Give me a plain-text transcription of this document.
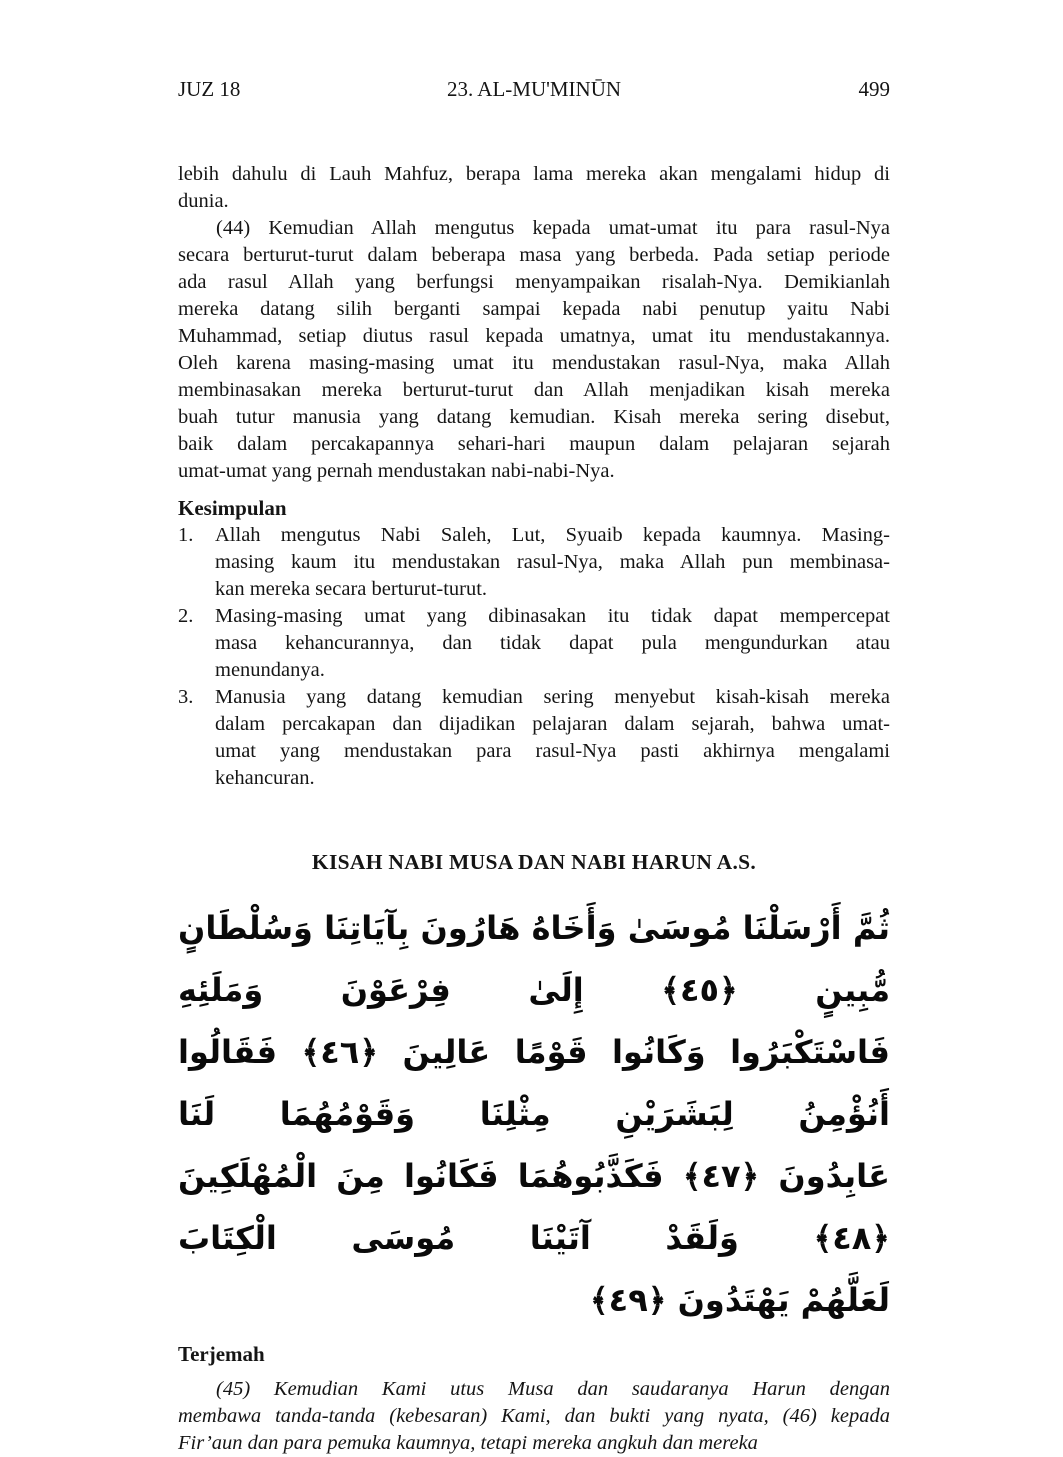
JUZ 18	23. AL-MU'MINŪN	499
lebih dahulu di Lauh Mahfuz, berapa lama mereka akan mengalami hidup di
dunia.
(44) Kemudian Allah mengutus kepada umat-umat itu para rasul-Nya
secara berturut-turut dalam beberapa masa yang berbeda. Pada setiap periode
ada rasul Allah yang berfungsi menyampaikan risalah-Nya. Demikianlah
mereka datang silih berganti sampai kepada nabi penutup yaitu Nabi
Muhammad, setiap diutus rasul kepada umatnya, umat itu mendustakannya.
Oleh karena masing-masing umat itu mendustakan rasul-Nya, maka Allah
membinasakan mereka berturut-turut dan Allah menjadikan kisah mereka
buah tutur manusia yang datang kemudian. Kisah mereka sering disebut,
baik dalam percakapannya sehari-hari maupun dalam pelajaran sejarah
umat-umat yang pernah mendustakan nabi-nabi-Nya.
Kesimpulan
1.	Allah mengutus Nabi Saleh, Lut, Syuaib kepada kaumnya. Masing-
masing kaum itu mendustakan rasul-Nya, maka Allah pun membinasa-
kan mereka secara berturut-turut.
2.	Masing-masing umat yang dibinasakan itu tidak dapat mempercepat
masa kehancurannya, dan tidak dapat pula mengundurkan atau
menundanya.
3.	Manusia yang datang kemudian sering menyebut kisah-kisah mereka
dalam percakapan dan dijadikan pelajaran dalam sejarah, bahwa umat-
umat yang mendustakan para rasul-Nya pasti akhirnya mengalami
kehancuran.
KISAH NABI MUSA DAN NABI HARUN A.S.
ثُمَّ أَرْسَلْنَا مُوسَىٰ وَأَخَاهُ هَارُونَ بِآيَاتِنَا وَسُلْطَانٍ مُّبِينٍ ﴿٤٥﴾ إِلَىٰ فِرْعَوْنَ وَمَلَئِهِ
فَاسْتَكْبَرُوا وَكَانُوا قَوْمًا عَالِينَ ﴿٤٦﴾ فَقَالُوا أَنُؤْمِنُ لِبَشَرَيْنِ مِثْلِنَا وَقَوْمُهُمَا لَنَا
عَابِدُونَ ﴿٤٧﴾ فَكَذَّبُوهُمَا فَكَانُوا مِنَ الْمُهْلَكِينَ ﴿٤٨﴾ وَلَقَدْ آتَيْنَا مُوسَى الْكِتَابَ
لَعَلَّهُمْ يَهْتَدُونَ ﴿٤٩﴾
Terjemah
(45) Kemudian Kami utus Musa dan saudaranya Harun dengan
membawa tanda-tanda (kebesaran) Kami, dan bukti yang nyata, (46) kepada
Fir’aun dan para pemuka kaumnya, tetapi mereka angkuh dan mereka
